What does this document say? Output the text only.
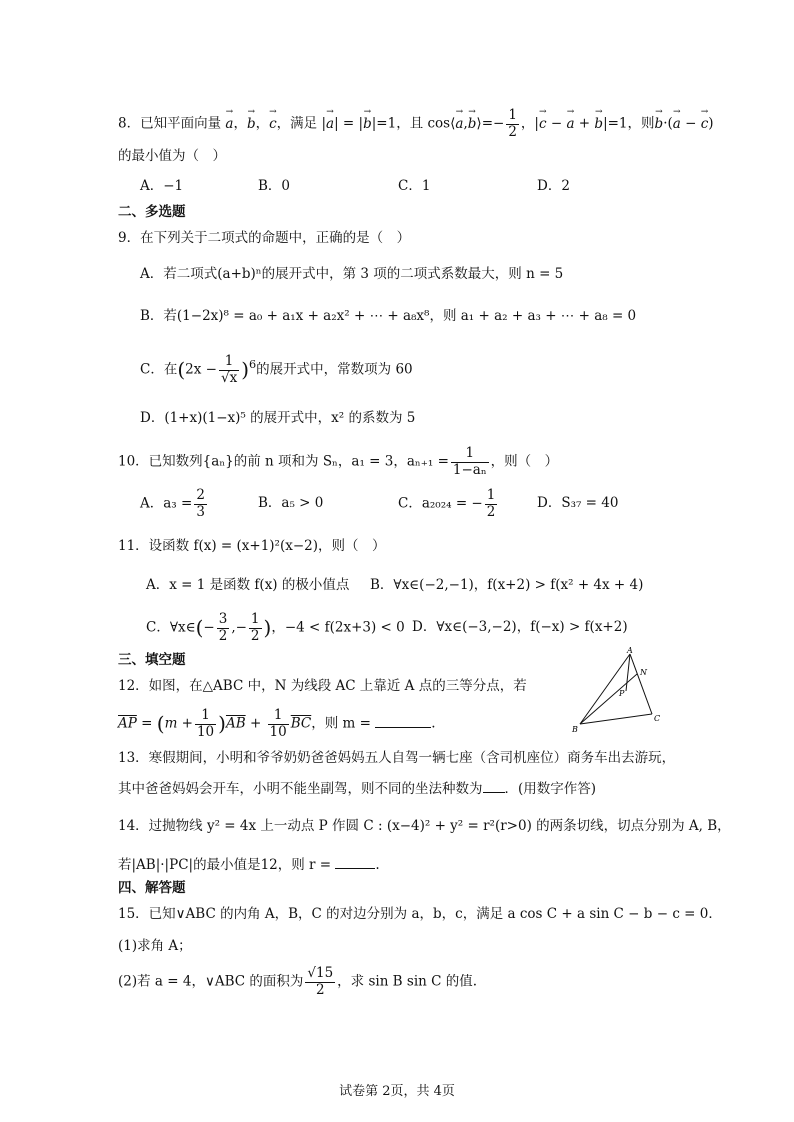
8．已知平面向量 → a，→ b，→ c，满足 |→ a| = |→ b|=1，且 cos⟨→ a,→ b⟩=− $\frac{1}{2}$ ，|→ c − → a + → b|=1，则→ b·(→ a − → c)
的最小值为（　）
A．−1	B．0	C．1	D．2
二、多选题
9．在下列关于二项式的命题中，正确的是（　）
A．若二项式(a+b)ⁿ的展开式中，第 3 项的二项式系数最大，则 n = 5
B．若(1−2x)⁸ = a₀ + a₁x + a₂x² + ⋯ + a₈x⁸，则 a₁ + a₂ + a₃ + ⋯ + a₈ = 0
C．在$(2x - \frac{1}{√x} )^6$的展开式中，常数项为 60
D．(1+x)(1−x)⁵ 的展开式中，x² 的系数为 5
10．已知数列{aₙ}的前 n 项和为 Sₙ，a₁ = 3，$a_{n+1} = \frac{1}{\text{1−aₙ}}$ ，则（　）
A．$a_3 = \frac{2}{3}$	B．a₅ > 0	C．a₂₀₂₄ = − $\frac{1}{2}$	D．S₃₇ = 40
11．设函数 f(x) = (x+1)²(x−2)，则（　）
A．x = 1 是函数 f(x) 的极小值点 B．∀x∈(−2,−1)，f(x+2) > f(x² + 4x + 4)
C．∀x∈(− $\frac{3}{2}$ ,− $\frac{1}{2}$ )，−4 < f(2x+3) < 0 D．∀x∈(−3,−2)，f(−x) > f(x+2)
三、填空题
12．如图，在△ABC 中，N 为线段 AC 上靠近 A 点的三等分点，若
$\overline{AP} = (m + \frac{1}{10} )\overline{AB} + \frac{1}{10} \overline{BC}$，则 m =	.
A
N
P
B
C
13．寒假期间，小明和爷爷奶奶爸爸妈妈五人自驾一辆七座（含司机座位）商务车出去游玩，
其中爸爸妈妈会开车，小明不能坐副驾，则不同的坐法种数为 ．(用数字作答)
14．过抛物线 y² = 4x 上一动点 P 作圆 C : (x−4)² + y² = r²(r>0) 的两条切线，切点分别为 A, B，
若|AB|·|PC|的最小值是12，则 r =	.
四、解答题
15．已知∨ABC 的内角 A，B，C 的对边分别为 a，b，c，满足 a cos C + a sin C − b − c = 0．
(1)求角 A；
(2)若 a = 4，∨ABC 的面积为 $\frac{√15}{2}$ ，求 sin B sin C 的值.
试卷第 2页，共 4页
